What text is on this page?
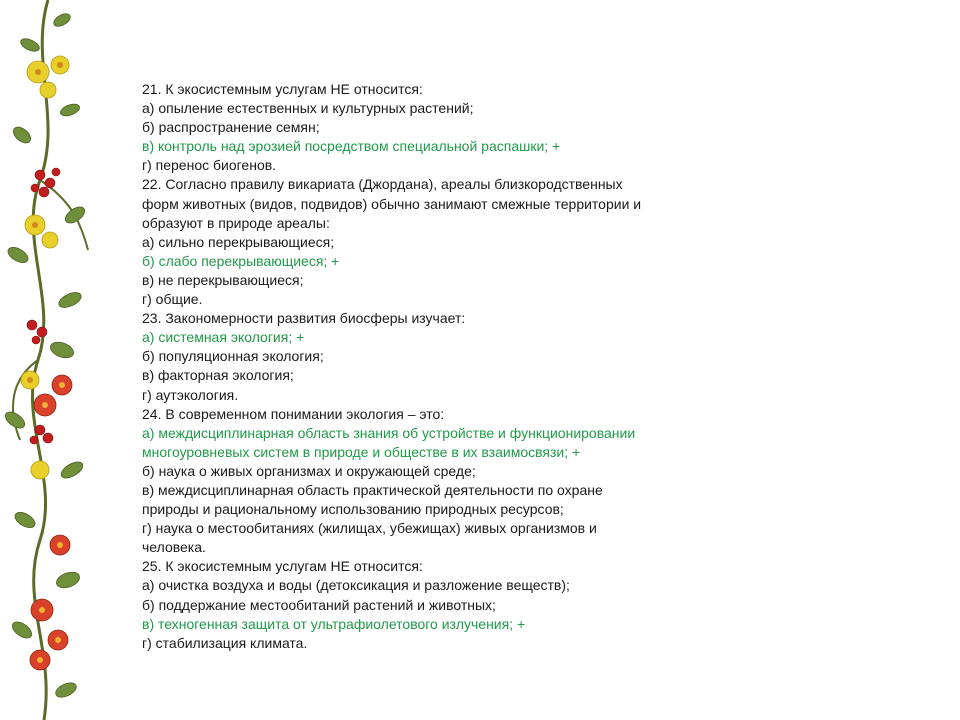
21. К экосистемным услугам НЕ относится:
а) опыление естественных и культурных растений;
б) распространение семян;
в) контроль над эрозией посредством специальной распашки; +
г) перенос биогенов.
22. Согласно правилу викариата (Джордана), ареалы близкородственных
форм животных (видов, подвидов) обычно занимают смежные территории и
образуют в природе ареалы:
а) сильно перекрывающиеся;
б) слабо перекрывающиеся; +
в) не перекрывающиеся;
г) общие.
23. Закономерности развития биосферы изучает:
а) системная экология; +
б) популяционная экология;
в) факторная экология;
г) аутэкология.
24. В современном понимании экология – это:
а) междисциплинарная область знания об устройстве и функционировании
многоуровневых систем в природе и обществе в их взаимосвязи; +
б) наука о живых организмах и окружающей среде;
в) междисциплинарная область практической деятельности по охране
природы и рациональному использованию природных ресурсов;
г) наука о местообитаниях (жилищах, убежищах) живых организмов и
человека.
25. К экосистемным услугам НЕ относится:
а) очистка воздуха и воды (детоксикация и разложение веществ);
б) поддержание местообитаний растений и животных;
в) техногенная защита от ультрафиолетового излучения; +
г) стабилизация климата.
